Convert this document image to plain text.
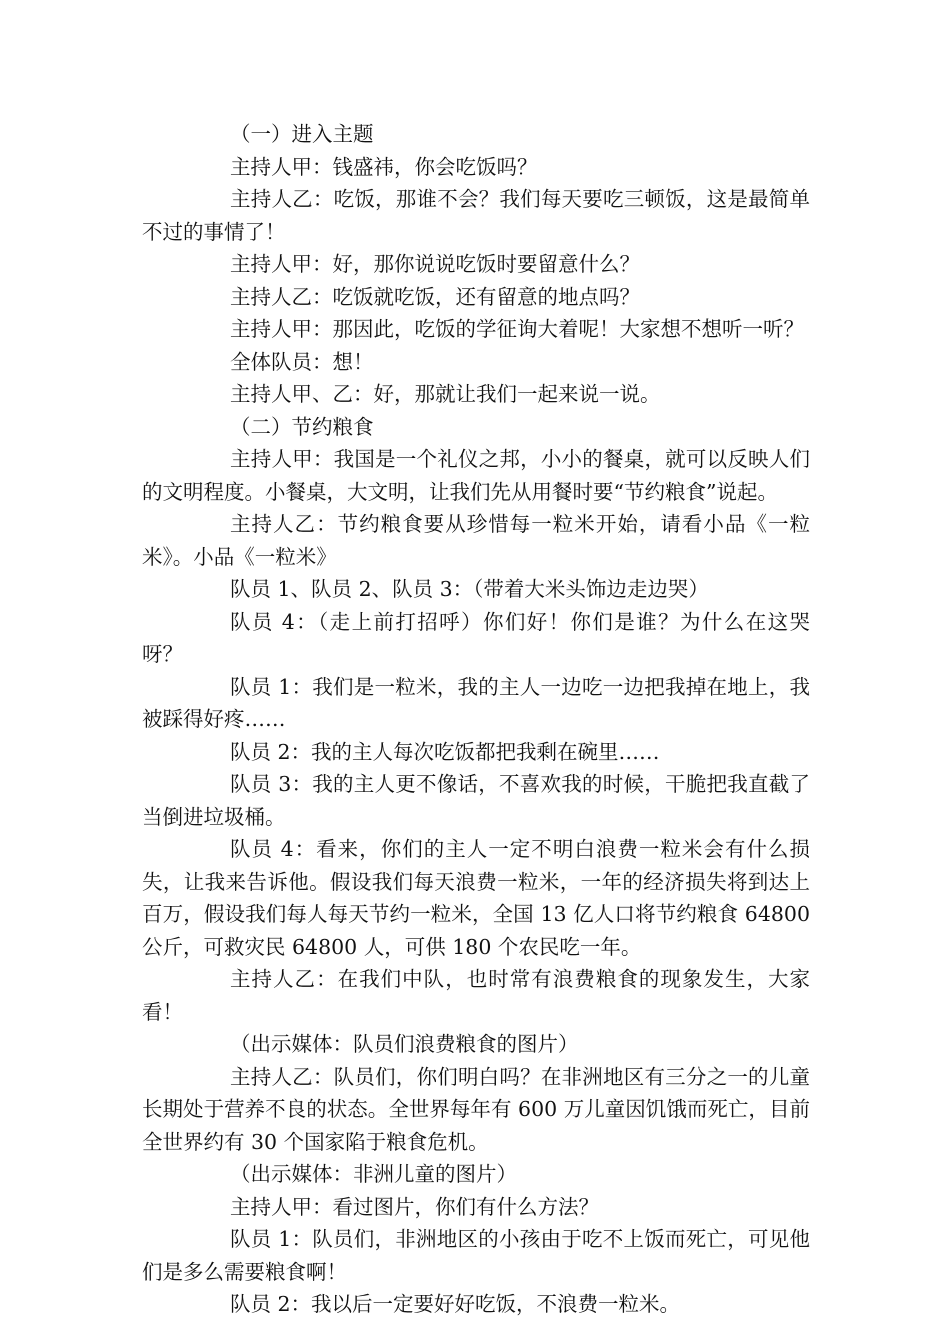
（一）进入主题

主持人甲：钱盛祎，你会吃饭吗？

主持人乙：吃饭，那谁不会？我们每天要吃三顿饭，这是最简单不过的事情了！

主持人甲：好，那你说说吃饭时要留意什么？

主持人乙：吃饭就吃饭，还有留意的地点吗？

主持人甲：那因此，吃饭的学征询大着呢！大家想不想听一听？

全体队员：想！

主持人甲、乙：好，那就让我们一起来说一说。

（二）节约粮食

主持人甲：我国是一个礼仪之邦，小小的餐桌，就可以反映人们的文明程度。小餐桌，大文明，让我们先从用餐时要“节约粮食”说起。

主持人乙：节约粮食要从珍惜每一粒米开始，请看小品《一粒米》。小品《一粒米》

队员 1、队员 2、队员 3：（带着大米头饰边走边哭）

队员 4：（走上前打招呼）你们好！你们是谁？为什么在这哭呀？

队员 1：我们是一粒米，我的主人一边吃一边把我掉在地上，我被踩得好疼……

队员 2：我的主人每次吃饭都把我剩在碗里……

队员 3：我的主人更不像话，不喜欢我的时候，干脆把我直截了当倒进垃圾桶。

队员 4：看来，你们的主人一定不明白浪费一粒米会有什么损失，让我来告诉他。假设我们每天浪费一粒米，一年的经济损失将到达上百万，假设我们每人每天节约一粒米，全国 13 亿人口将节约粮食 64800 公斤，可救灾民 64800 人，可供 180 个农民吃一年。

主持人乙：在我们中队，也时常有浪费粮食的现象发生，大家看！

（出示媒体：队员们浪费粮食的图片）

主持人乙：队员们，你们明白吗？在非洲地区有三分之一的儿童长期处于营养不良的状态。全世界每年有 600 万儿童因饥饿而死亡，目前全世界约有 30 个国家陷于粮食危机。

（出示媒体：非洲儿童的图片）

主持人甲：看过图片，你们有什么方法？

队员 1：队员们，非洲地区的小孩由于吃不上饭而死亡，可见他们是多么需要粮食啊！

队员 2：我以后一定要好好吃饭，不浪费一粒米。
